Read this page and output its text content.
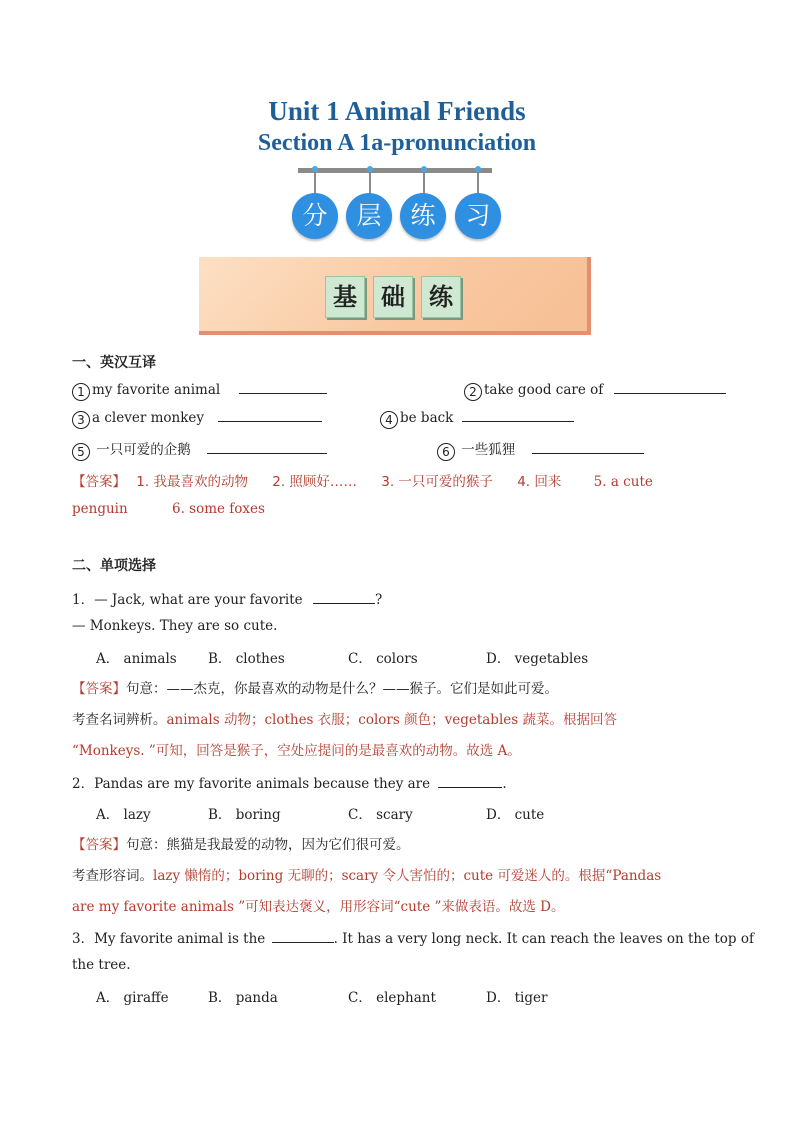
Unit 1 Animal Friends
Section A 1a-pronunciation
分	层	练	习
基	础	练
一、英汉互译
1 my favorite animal	2 take good care of
3 a clever monkey	4 be back
5 一只可爱的企鹅	6 一些狐狸
【答案】 1. 我最喜欢的动物 2. 照顾好…… 3. 一只可爱的猴子 4. 回来 5. a cute
penguin	6. some foxes
二、单项选择
1．— Jack, what are your favorite	?
— Monkeys. They are so cute.
A． animals B． clothes	C． colors	D． vegetables
【答案】句意：——杰克，你最喜欢的动物是什么？——猴子。它们是如此可爱。
考查名词辨析。animals 动物；clothes 衣服；colors 颜色；vegetables 蔬菜。根据回答
“Monkeys. ”可知，回答是猴子，空处应提问的是最喜欢的动物。故选 A。
2．Pandas are my favorite animals because they are	.
A． lazy	B． boring	C． scary	D． cute
【答案】句意：熊猫是我最爱的动物，因为它们很可爱。
考查形容词。lazy 懒惰的；boring 无聊的；scary 令人害怕的；cute 可爱迷人的。根据“Pandas
are my favorite animals ”可知表达褒义，用形容词“cute ”来做表语。故选 D。
3．My favorite animal is the	. It has a very long neck. It can reach the leaves on the top of
the tree.
A． giraffe	B． panda	C． elephant	D． tiger
